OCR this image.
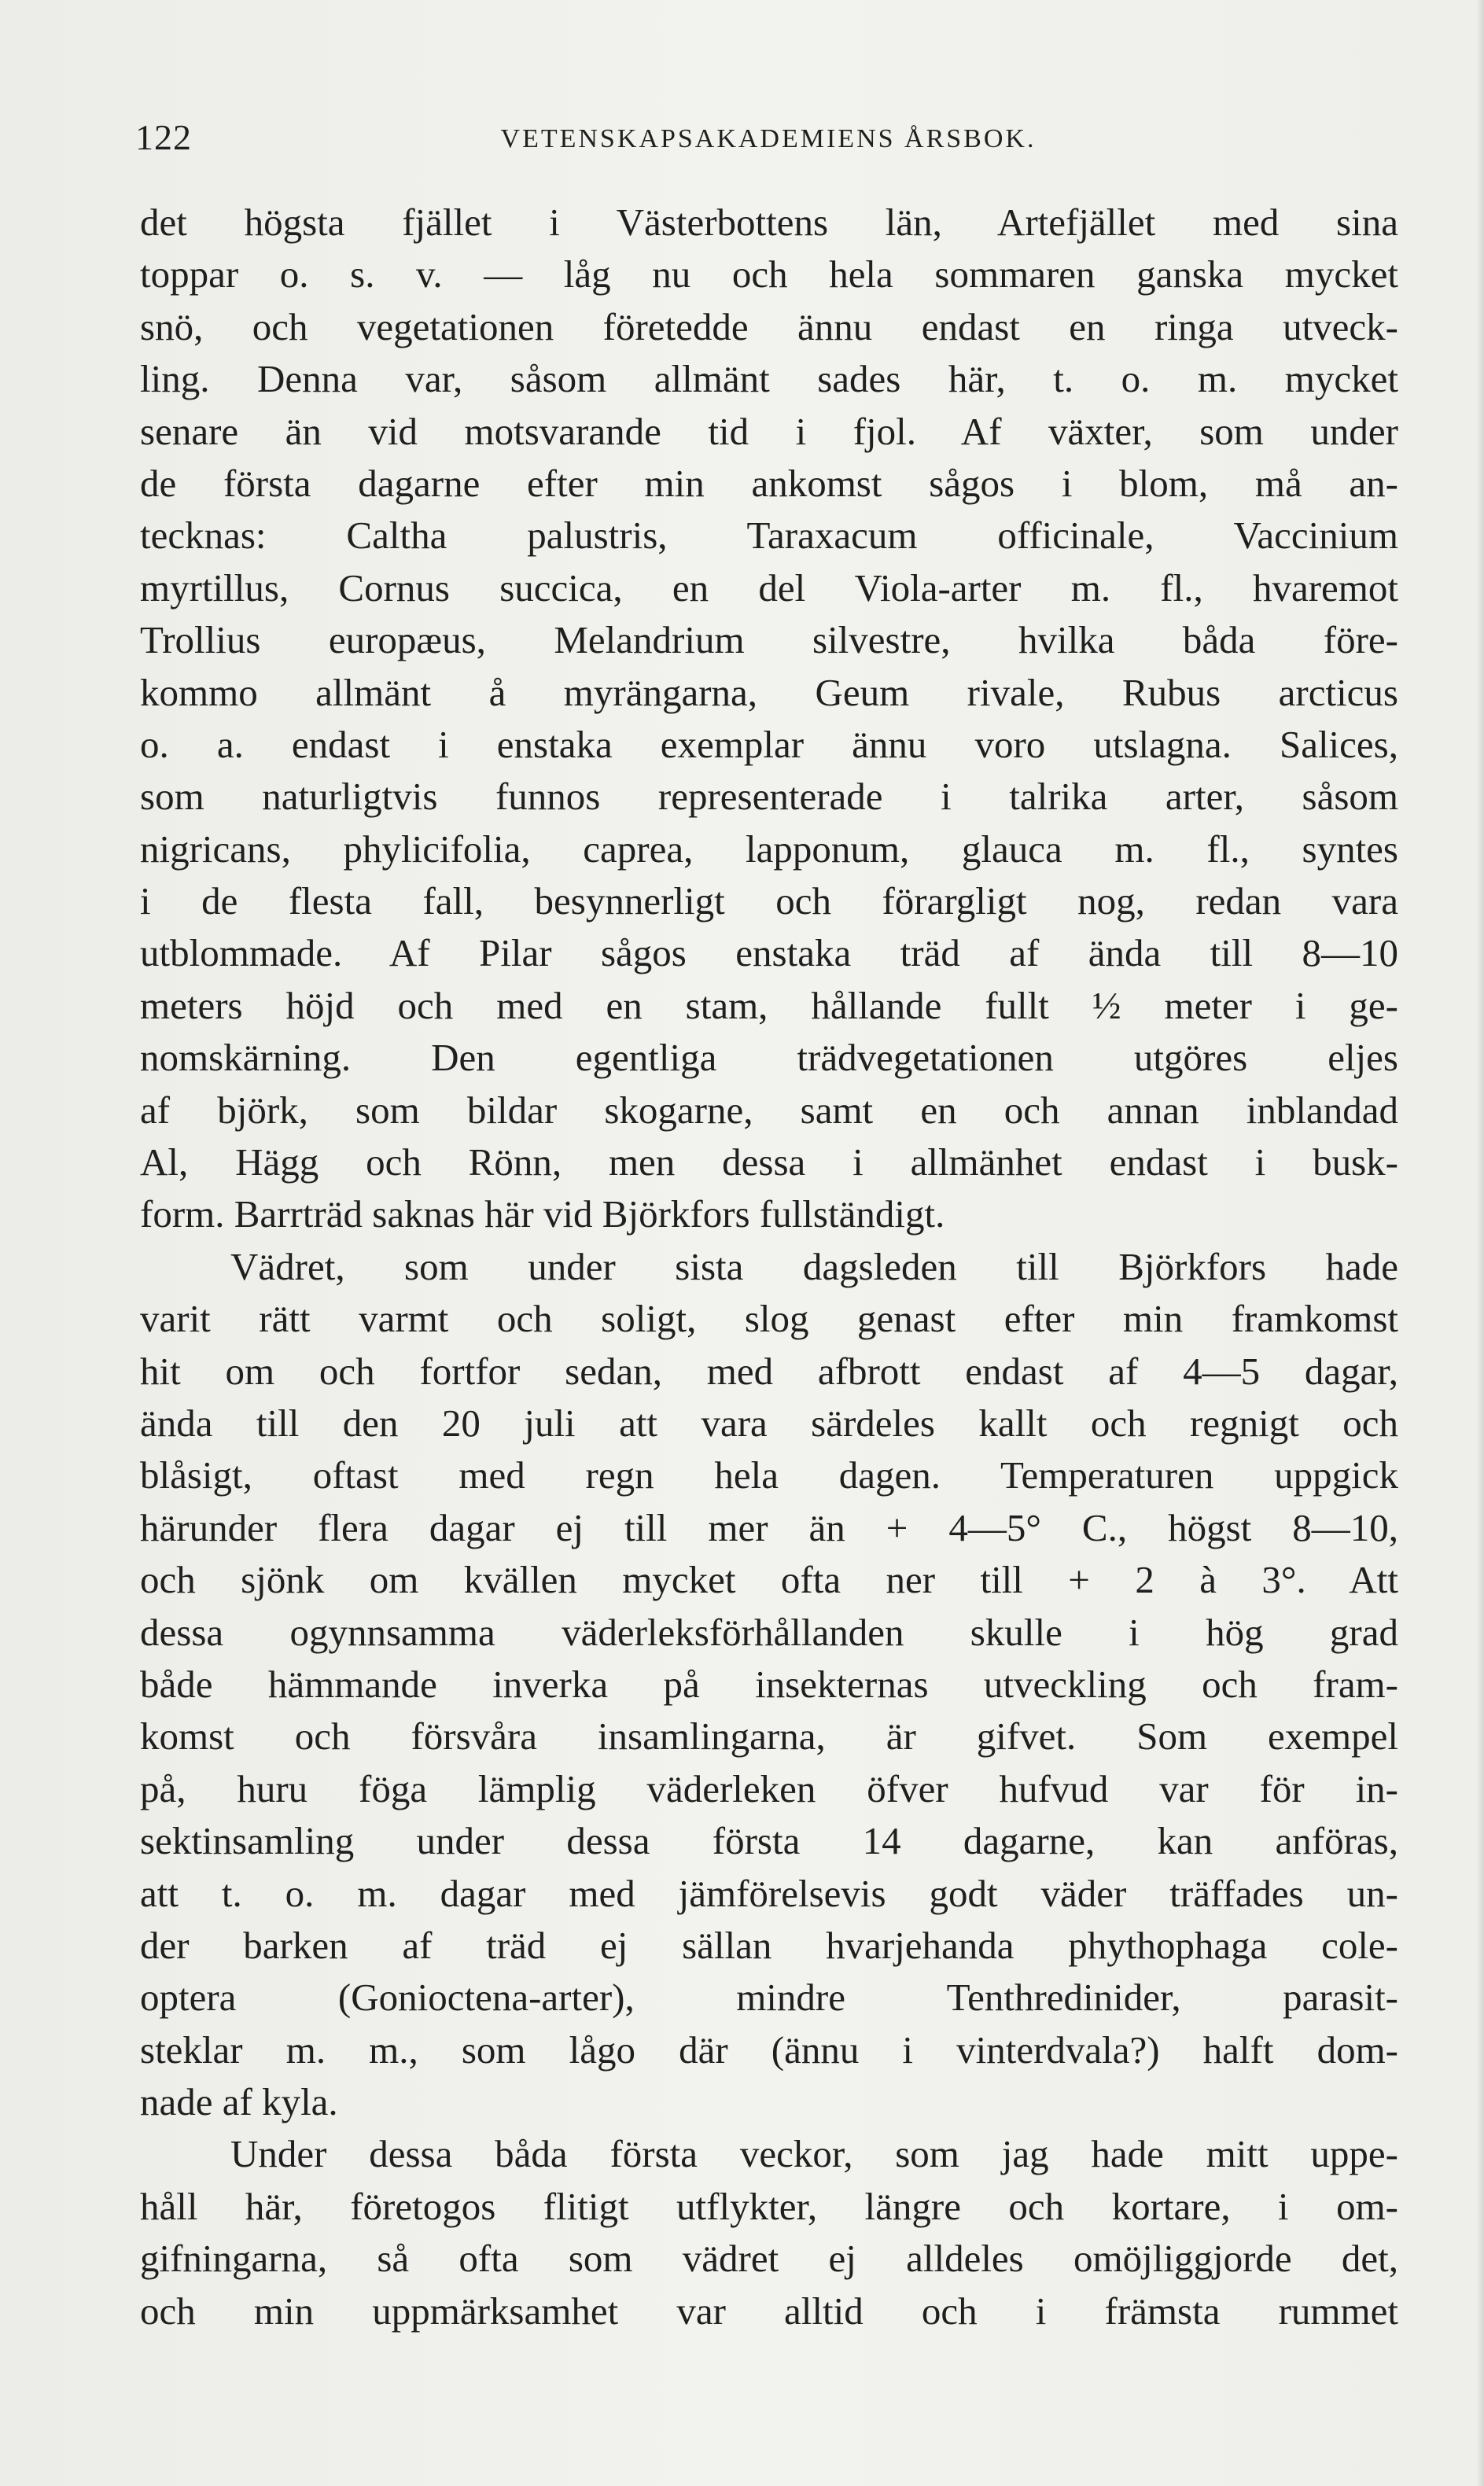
122	VETENSKAPSAKADEMIENS ÅRSBOK.
det högsta fjället i Västerbottens län, Artefjället med sina
toppar o. s. v. — låg nu och hela sommaren ganska mycket
snö, och vegetationen företedde ännu endast en ringa utveck-
ling. Denna var, såsom allmänt sades här, t. o. m. mycket
senare än vid motsvarande tid i fjol. Af växter, som under
de första dagarne efter min ankomst sågos i blom, må an-
tecknas: Caltha palustris, Taraxacum officinale, Vaccinium
myrtillus, Cornus succica, en del Viola-arter m. fl., hvaremot
Trollius europæus, Melandrium silvestre, hvilka båda före-
kommo allmänt å myrängarna, Geum rivale, Rubus arcticus
o. a. endast i enstaka exemplar ännu voro utslagna. Salices,
som naturligtvis funnos representerade i talrika arter, såsom
nigricans, phylicifolia, caprea, lapponum, glauca m. fl., syntes
i de flesta fall, besynnerligt och förargligt nog, redan vara
utblommade. Af Pilar sågos enstaka träd af ända till 8—10
meters höjd och med en stam, hållande fullt ½ meter i ge-
nomskärning. Den egentliga trädvegetationen utgöres eljes
af björk, som bildar skogarne, samt en och annan inblandad
Al, Hägg och Rönn, men dessa i allmänhet endast i busk-
form. Barrträd saknas här vid Björkfors fullständigt.
Vädret, som under sista dagsleden till Björkfors hade
varit rätt varmt och soligt, slog genast efter min framkomst
hit om och fortfor sedan, med afbrott endast af 4—5 dagar,
ända till den 20 juli att vara särdeles kallt och regnigt och
blåsigt, oftast med regn hela dagen. Temperaturen uppgick
härunder flera dagar ej till mer än + 4—5° C., högst 8—10,
och sjönk om kvällen mycket ofta ner till + 2 à 3°. Att
dessa ogynnsamma väderleksförhållanden skulle i hög grad
både hämmande inverka på insekternas utveckling och fram-
komst och försvåra insamlingarna, är gifvet. Som exempel
på, huru föga lämplig väderleken öfver hufvud var för in-
sektinsamling under dessa första 14 dagarne, kan anföras,
att t. o. m. dagar med jämförelsevis godt väder träffades un-
der barken af träd ej sällan hvarjehanda phythophaga cole-
optera (Gonioctena-arter), mindre Tenthredinider, parasit-
steklar m. m., som lågo där (ännu i vinterdvala?) halft dom-
nade af kyla.
Under dessa båda första veckor, som jag hade mitt uppe-
håll här, företogos flitigt utflykter, längre och kortare, i om-
gifningarna, så ofta som vädret ej alldeles omöjliggjorde det,
och min uppmärksamhet var alltid och i främsta rummet
